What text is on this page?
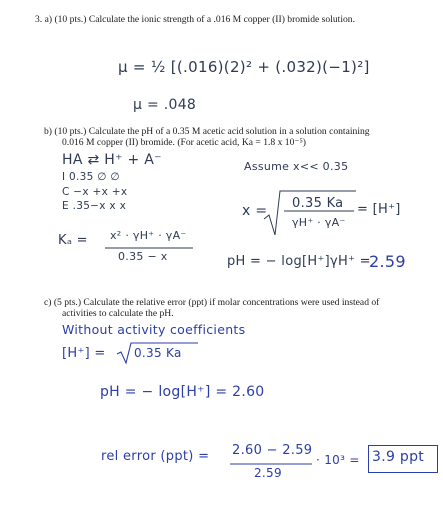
3. a) (10 pts.) Calculate the ionic strength of a .016 M copper (II) bromide solution.
μ = ½ [(.016)(2)² + (.032)(−1)²]
μ = .048
b) (10 pts.) Calculate the pH of a 0.35 M acetic acid solution in a solution containing
0.016 M copper (II) bromide. (For acetic acid, Ka = 1.8 x 10⁻⁵)
HA ⇄ H⁺ + A⁻
I 0.35 ∅ ∅
C −x +x +x
E .35−x x x
Assume x<< 0.35
x = 0.35 Ka
γH⁺ · γA⁻
= [H⁺]
Kₐ = x² · γH⁺ · γA⁻
0.35 − x	pH = − log[H⁺]γH⁺ =
2.59
c) (5 pts.) Calculate the relative error (ppt) if molar concentrations were used instead of
activities to calculate the pH.
Without activity coefficients
[H⁺] = 0.35 Ka
pH = − log[H⁺] = 2.60
rel error (ppt) = 2.60 − 2.59
2.59
· 10³ = 3.9 ppt
